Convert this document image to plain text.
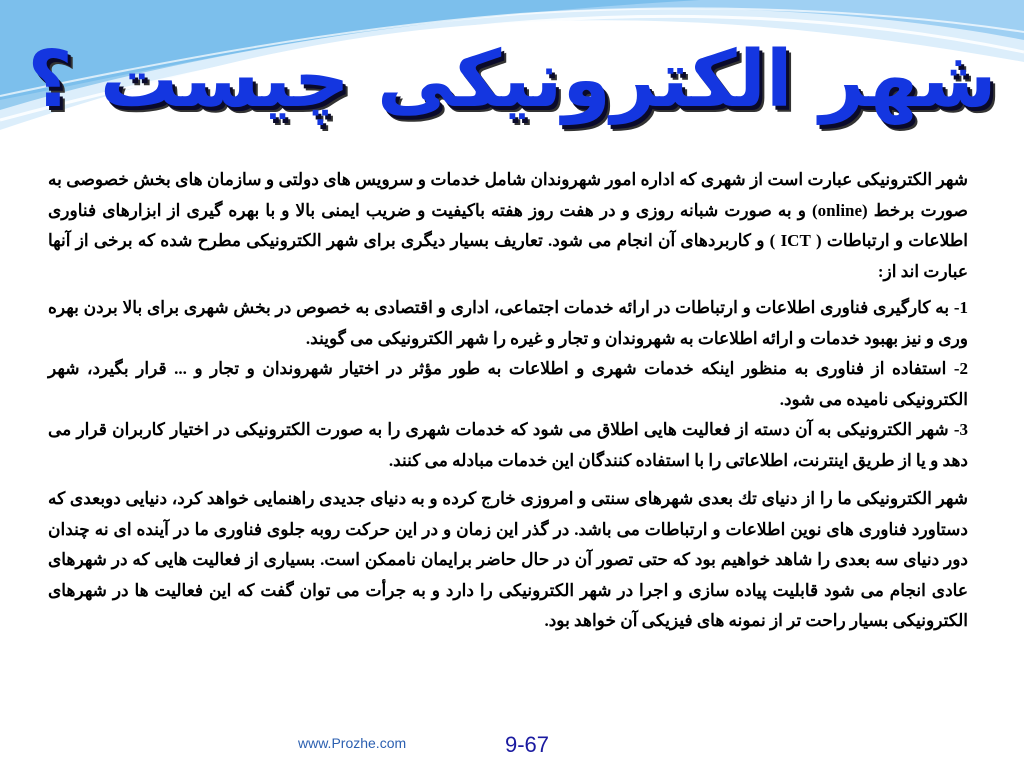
شهر الکترونیکی چیست ؟

شهر الکترونیکی عبارت است از شهری که اداره امور شهروندان شامل خدمات و سرویس های دولتی و سازمان های بخش خصوصی به صورت برخط (online) و به صورت شبانه روزی و در هفت روز هفته باکیفیت و ضریب ایمنی بالا و با بهره گیری از ابزارهای فناوری اطلاعات و ارتباطات ( ICT ) و کاربردهای آن انجام می شود. تعاریف بسیار دیگری برای شهر الکترونیکی مطرح شده که برخی از آنها عبارت اند از:

1- به کارگیری فناوری اطلاعات و ارتباطات در ارائه خدمات اجتماعی، اداری و اقتصادی به خصوص در بخش شهری برای بالا بردن بهره وری و نیز بهبود خدمات و ارائه اطلاعات به شهروندان و تجار و غیره را شهر الکترونیکی می گویند.

2- استفاده از فناوری به منظور اینکه خدمات شهری و اطلاعات به طور مؤثر در اختیار شهروندان و تجار و ... قرار بگیرد، شهر الکترونیکی نامیده می شود.

3- شهر الکترونیکی به آن دسته از فعالیت هایی اطلاق می شود که خدمات شهری را به صورت الکترونیکی در اختیار کاربران قرار می دهد و یا از طریق اینترنت، اطلاعاتی را با استفاده کنندگان این خدمات مبادله می کنند.

شهر الکترونیکی ما را از دنیای تك بعدی شهرهای سنتی و امروزی خارج کرده و به دنیای جدیدی راهنمایی خواهد کرد، دنیایی دوبعدی که دستاورد فناوری های نوین اطلاعات و ارتباطات می باشد. در گذر این زمان و در این حرکت روبه جلوی فناوری ما در آینده ای نه چندان دور دنیای سه بعدی را شاهد خواهیم بود که حتی تصور آن در حال حاضر برایمان ناممکن است. بسیاری از فعالیت هایی که در شهرهای عادی انجام می شود قابلیت پیاده سازی و اجرا در شهر الکترونیکی را دارد و به جرأت می توان گفت که این فعالیت ها در شهرهای الکترونیکی بسیار راحت تر از نمونه های فیزیکی آن خواهد بود.

www.Prozhe.com	9-67
